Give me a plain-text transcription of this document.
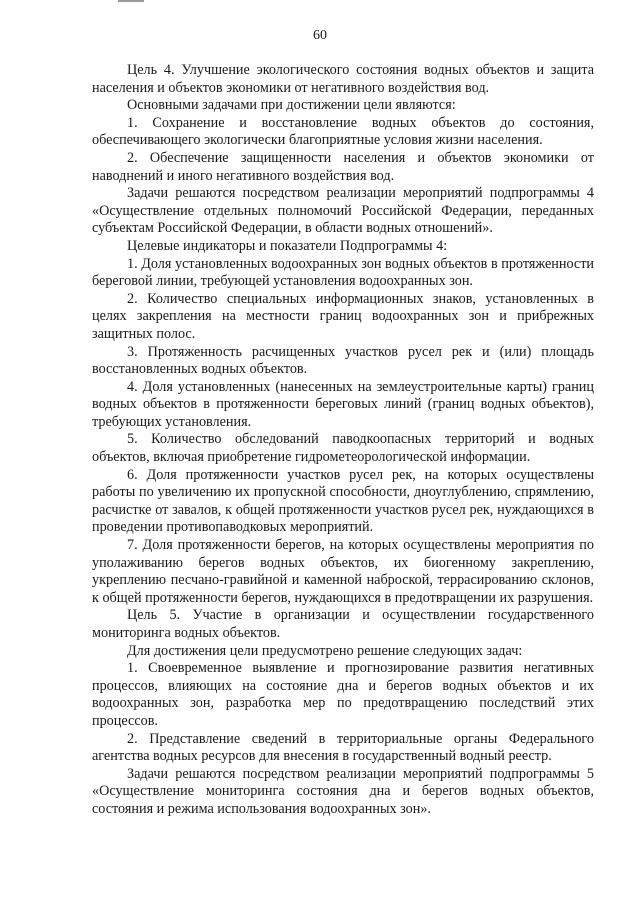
60

Цель 4. Улучшение экологического состояния водных объектов и защита населения и объектов экономики от негативного воздействия вод.

Основными задачами при достижении цели являются:

1. Сохранение и восстановление водных объектов до состояния, обеспечивающего экологически благоприятные условия жизни населения.

2. Обеспечение защищенности населения и объектов экономики от наводнений и иного негативного воздействия вод.

Задачи решаются посредством реализации мероприятий подпрограммы 4 «Осуществление отдельных полномочий Российской Федерации, переданных субъектам Российской Федерации, в области водных отношений».

Целевые индикаторы и показатели Подпрограммы 4:

1. Доля установленных водоохранных зон водных объектов в протяженности береговой линии, требующей установления водоохранных зон.

2. Количество специальных информационных знаков, установленных в целях закрепления на местности границ водоохранных зон и прибрежных защитных полос.

3. Протяженность расчищенных участков русел рек и (или) площадь восстановленных водных объектов.

4. Доля установленных (нанесенных на землеустроительные карты) границ водных объектов в протяженности береговых линий (границ водных объектов), требующих установления.

5. Количество обследований паводкоопасных территорий и водных объектов, включая приобретение гидрометеорологической информации.

6. Доля протяженности участков русел рек, на которых осуществлены работы по увеличению их пропускной способности, дноуглублению, спрямлению, расчистке от завалов, к общей протяженности участков русел рек, нуждающихся в проведении противопаводковых мероприятий.

7. Доля протяженности берегов, на которых осуществлены мероприятия по уполаживанию берегов водных объектов, их биогенному закреплению, укреплению песчано-гравийной и каменной наброской, террасированию склонов, к общей протяженности берегов, нуждающихся в предотвращении их разрушения.

Цель 5. Участие в организации и осуществлении государственного мониторинга водных объектов.

Для достижения цели предусмотрено решение следующих задач:

1. Своевременное выявление и прогнозирование развития негативных процессов, влияющих на состояние дна и берегов водных объектов и их водоохранных зон, разработка мер по предотвращению последствий этих процессов.

2. Представление сведений в территориальные органы Федерального агентства водных ресурсов для внесения в государственный водный реестр.

Задачи решаются посредством реализации мероприятий подпрограммы 5 «Осуществление мониторинга состояния дна и берегов водных объектов, состояния и режима использования водоохранных зон».
